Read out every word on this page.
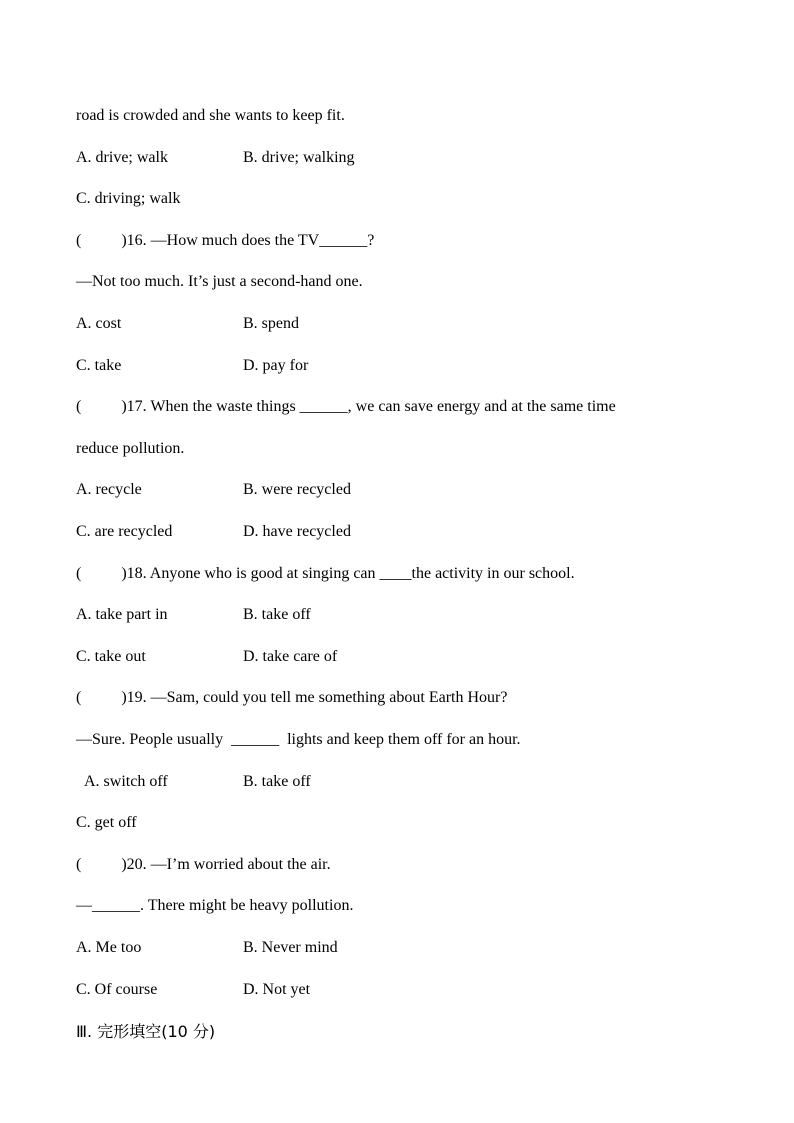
road is crowded and she wants to keep fit.
A. drive; walk	B. drive; walking
C. driving; walk
(          )16. —How much does the TV______?
—Not too much. It’s just a second-hand one.
A. cost	B. spend
C. take	D. pay for
(          )17. When the waste things ______, we can save energy and at the same time
reduce pollution.
A. recycle	B. were recycled
C. are recycled	D. have recycled
(          )18. Anyone who is good at singing can ____the activity in our school.
A. take part in	B. take off
C. take out	D. take care of
(          )19. —Sam, could you tell me something about Earth Hour?
—Sure. People usually  ______  lights and keep them off for an hour.
A. switch off	B. take off
C. get off
(          )20. —I’m worried about the air.
—______. There might be heavy pollution.
A. Me too	B. Never mind
C. Of course	D. Not yet
Ⅲ. 完形填空(10 分)
